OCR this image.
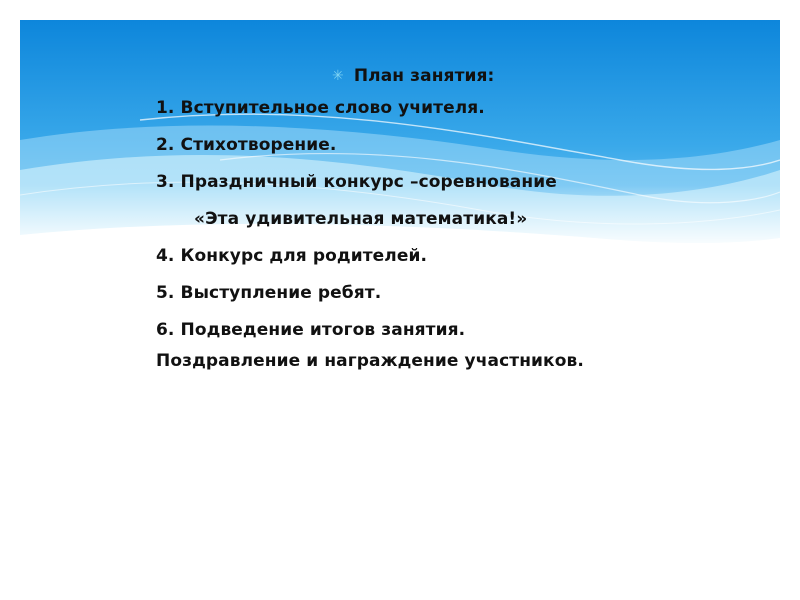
✳ План занятия:
1. Вступительное слово учителя.
2. Стихотворение.
3. Праздничный конкурс –соревнование
«Эта удивительная математика!»
4. Конкурс для родителей.
5. Выступление ребят.
6. Подведение итогов занятия.
Поздравление и награждение участников.
